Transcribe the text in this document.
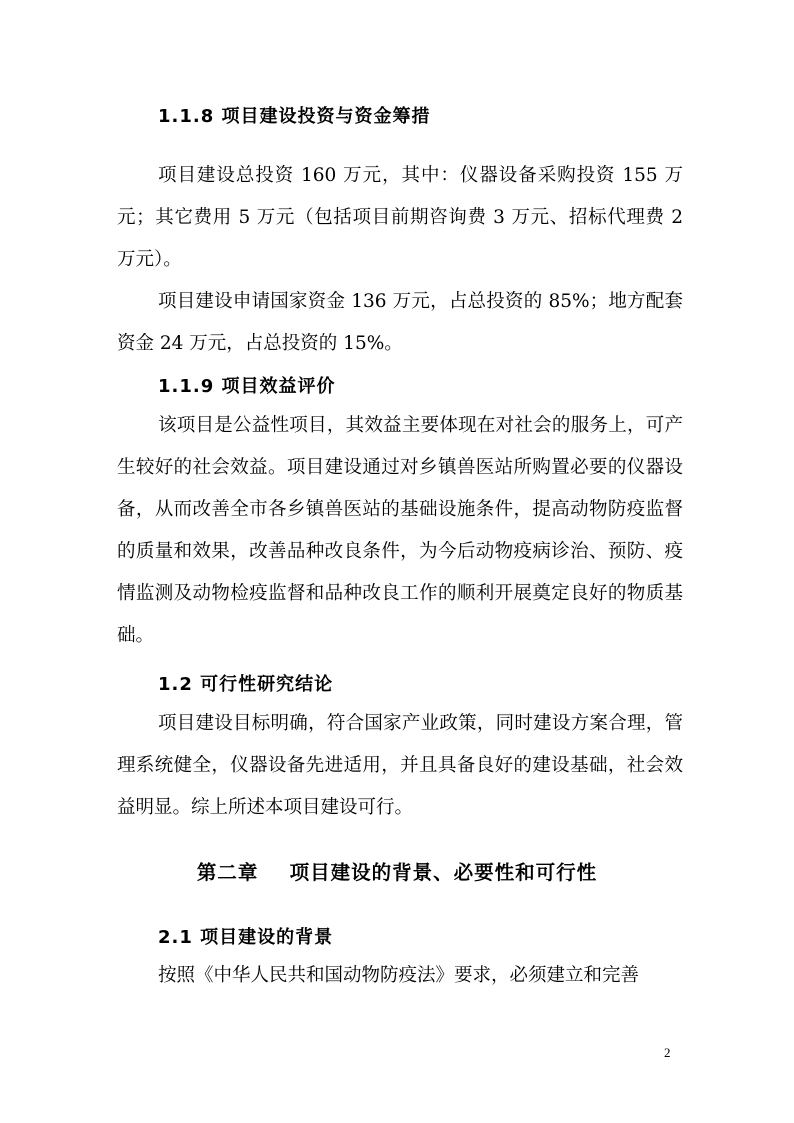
1.1.8 项目建设投资与资金筹措

项目建设总投资 160 万元，其中：仪器设备采购投资 155 万元；其它费用 5 万元（包括项目前期咨询费 3 万元、招标代理费 2 万元）。

项目建设申请国家资金 136 万元，占总投资的 85%；地方配套资金 24 万元，占总投资的 15%。

1.1.9 项目效益评价

该项目是公益性项目，其效益主要体现在对社会的服务上，可产生较好的社会效益。项目建设通过对乡镇兽医站所购置必要的仪器设备，从而改善全市各乡镇兽医站的基础设施条件，提高动物防疫监督的质量和效果，改善品种改良条件，为今后动物疫病诊治、预防、疫情监测及动物检疫监督和品种改良工作的顺利开展奠定良好的物质基础。

1.2 可行性研究结论

项目建设目标明确，符合国家产业政策，同时建设方案合理，管理系统健全，仪器设备先进适用，并且具备良好的建设基础，社会效益明显。综上所述本项目建设可行。

第二章    项目建设的背景、必要性和可行性
2.1 项目建设的背景

按照《中华人民共和国动物防疫法》要求，必须建立和完善

2
